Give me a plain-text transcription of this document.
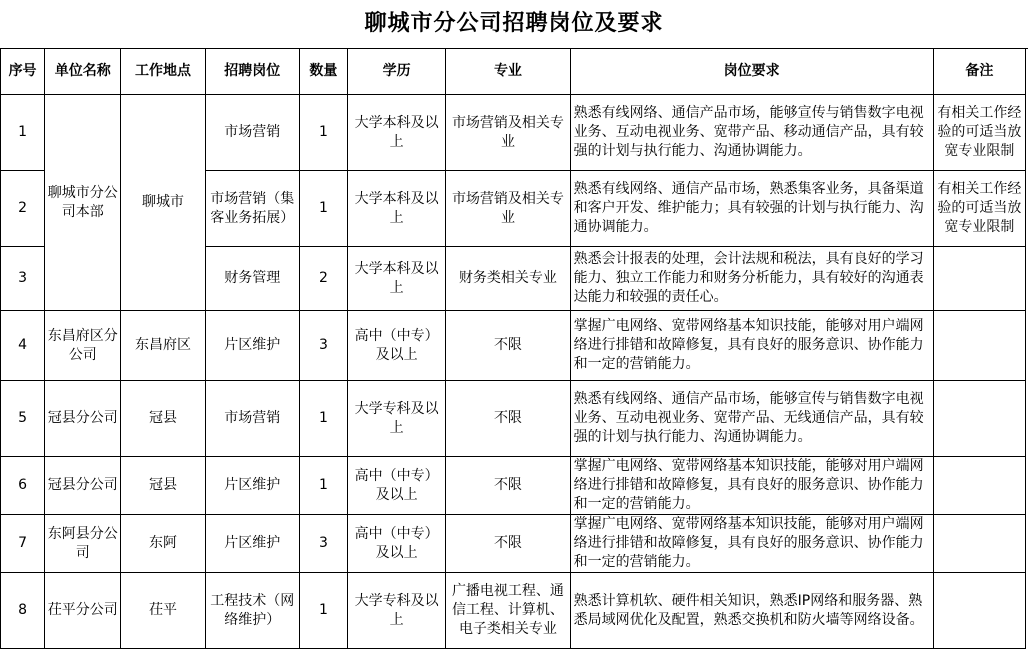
聊城市分公司招聘岗位及要求
序号	单位名称	工作地点	招聘岗位	数量	学历	专业	岗位要求	备注
1	聊城市分公司本部	聊城市	市场营销	1	大学本科及以上	市场营销及相关专业	熟悉有线网络、通信产品市场，能够宣传与销售数字电视业务、互动电视业务、宽带产品、移动通信产品，具有较强的计划与执行能力、沟通协调能力。	有相关工作经验的可适当放宽专业限制
2			市场营销（集客业务拓展）	1	大学本科及以上	市场营销及相关专业	熟悉有线网络、通信产品市场，熟悉集客业务，具备渠道和客户开发、维护能力；具有较强的计划与执行能力、沟通协调能力。	有相关工作经验的可适当放宽专业限制
3			财务管理	2	大学本科及以上	财务类相关专业	熟悉会计报表的处理，会计法规和税法，具有良好的学习能力、独立工作能力和财务分析能力，具有较好的沟通表达能力和较强的责任心。	
4	东昌府区分公司	东昌府区	片区维护	3	高中（中专）及以上	不限	掌握广电网络、宽带网络基本知识技能，能够对用户端网络进行排错和故障修复，具有良好的服务意识、协作能力和一定的营销能力。	
5	冠县分公司	冠县	市场营销	1	大学专科及以上	不限	熟悉有线网络、通信产品市场，能够宣传与销售数字电视业务、互动电视业务、宽带产品、无线通信产品，具有较强的计划与执行能力、沟通协调能力。	
6	冠县分公司	冠县	片区维护	1	高中（中专）及以上	不限	掌握广电网络、宽带网络基本知识技能，能够对用户端网络进行排错和故障修复，具有良好的服务意识、协作能力和一定的营销能力。	
7	东阿县分公司	东阿	片区维护	3	高中（中专）及以上	不限	掌握广电网络、宽带网络基本知识技能，能够对用户端网络进行排错和故障修复，具有良好的服务意识、协作能力和一定的营销能力。	
8	茌平分公司	茌平	工程技术（网络维护）	1	大学专科及以上	广播电视工程、通信工程、计算机、电子类相关专业	熟悉计算机软、硬件相关知识，熟悉IP网络和服务器、熟悉局域网优化及配置，熟悉交换机和防火墙等网络设备。	
